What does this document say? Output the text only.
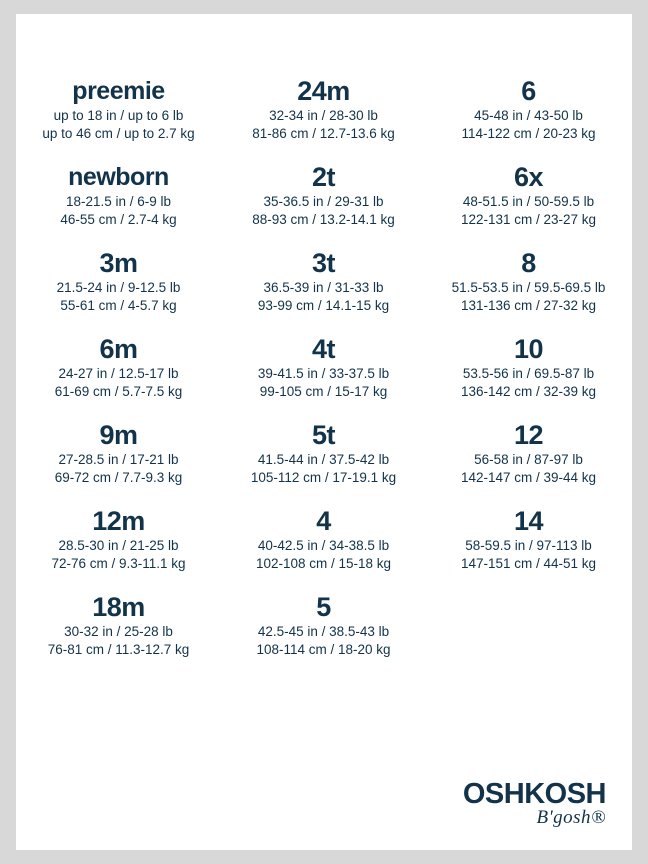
preemie
up to 18 in / up to 6 lb
up to 46 cm / up to 2.7 kg
newborn
18-21.5 in / 6-9 lb
46-55 cm / 2.7-4 kg
3m
21.5-24 in / 9-12.5 lb
55-61 cm / 4-5.7 kg
6m
24-27 in / 12.5-17 lb
61-69 cm / 5.7-7.5 kg
9m
27-28.5 in / 17-21 lb
69-72 cm / 7.7-9.3 kg
12m
28.5-30 in / 21-25 lb
72-76 cm / 9.3-11.1 kg
18m
30-32 in / 25-28 lb
76-81 cm / 11.3-12.7 kg
24m
32-34 in / 28-30 lb
81-86 cm / 12.7-13.6 kg
2t
35-36.5 in / 29-31 lb
88-93 cm / 13.2-14.1 kg
3t
36.5-39 in / 31-33 lb
93-99 cm / 14.1-15 kg
4t
39-41.5 in / 33-37.5 lb
99-105 cm / 15-17 kg
5t
41.5-44 in / 37.5-42 lb
105-112 cm / 17-19.1 kg
4
40-42.5 in / 34-38.5 lb
102-108 cm / 15-18 kg
5
42.5-45 in / 38.5-43 lb
108-114 cm / 18-20 kg
6
45-48 in / 43-50 lb
114-122 cm / 20-23 kg
6x
48-51.5 in / 50-59.5 lb
122-131 cm / 23-27 kg
8
51.5-53.5 in / 59.5-69.5 lb
131-136 cm / 27-32 kg
10
53.5-56 in / 69.5-87 lb
136-142 cm / 32-39 kg
12
56-58 in / 87-97 lb
142-147 cm / 39-44 kg
14
58-59.5 in / 97-113 lb
147-151 cm / 44-51 kg
OSHKOSH
B'gosh®
